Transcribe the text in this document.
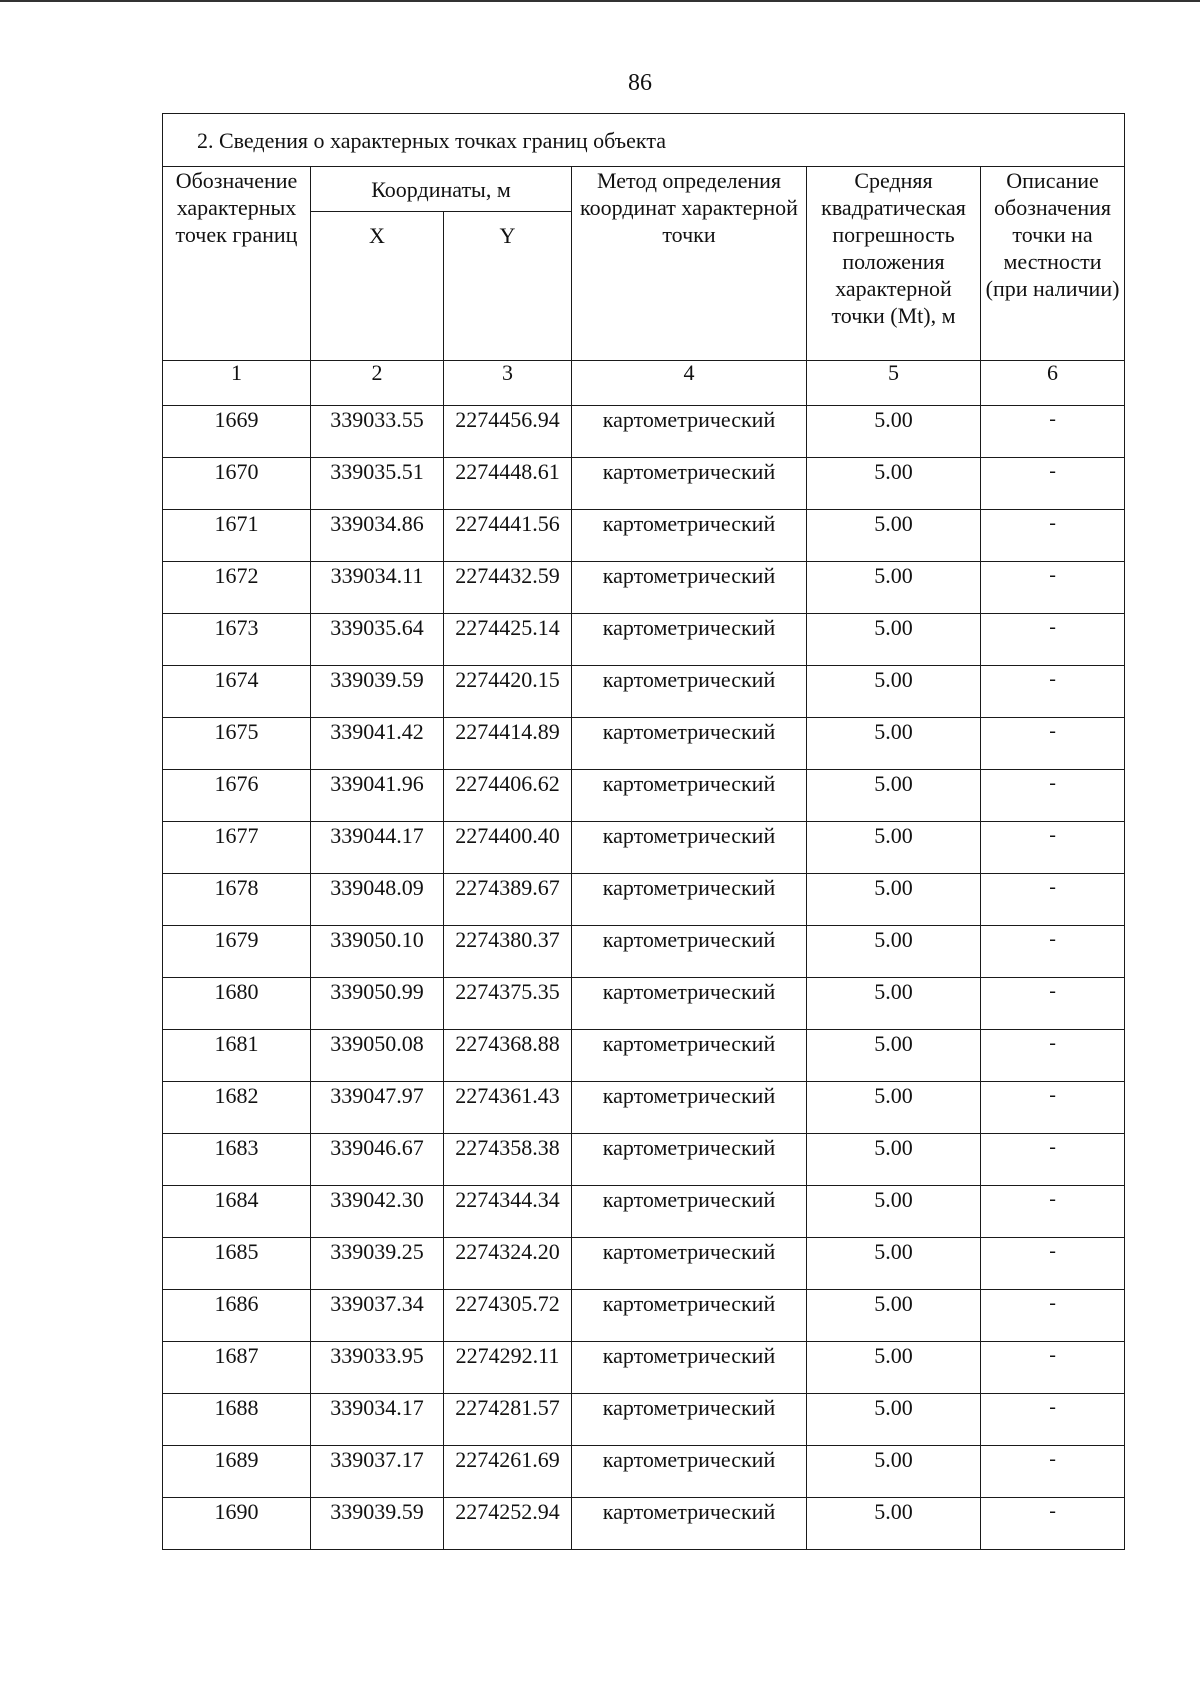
86
2. Сведения о характерных точках границ объекта					
Обозначение характерных точек границ	Координаты, м		Метод определения координат характерной точки	Средняя квадратическая погрешность положения характерной точки (Mt), м	Описание обозначения точки на местности (при наличии)
	X	Y			
1	2	3	4	5	6
1669	339033.55	2274456.94	картометрический	5.00	-
1670	339035.51	2274448.61	картометрический	5.00	-
1671	339034.86	2274441.56	картометрический	5.00	-
1672	339034.11	2274432.59	картометрический	5.00	-
1673	339035.64	2274425.14	картометрический	5.00	-
1674	339039.59	2274420.15	картометрический	5.00	-
1675	339041.42	2274414.89	картометрический	5.00	-
1676	339041.96	2274406.62	картометрический	5.00	-
1677	339044.17	2274400.40	картометрический	5.00	-
1678	339048.09	2274389.67	картометрический	5.00	-
1679	339050.10	2274380.37	картометрический	5.00	-
1680	339050.99	2274375.35	картометрический	5.00	-
1681	339050.08	2274368.88	картометрический	5.00	-
1682	339047.97	2274361.43	картометрический	5.00	-
1683	339046.67	2274358.38	картометрический	5.00	-
1684	339042.30	2274344.34	картометрический	5.00	-
1685	339039.25	2274324.20	картометрический	5.00	-
1686	339037.34	2274305.72	картометрический	5.00	-
1687	339033.95	2274292.11	картометрический	5.00	-
1688	339034.17	2274281.57	картометрический	5.00	-
1689	339037.17	2274261.69	картометрический	5.00	-
1690	339039.59	2274252.94	картометрический	5.00	-
